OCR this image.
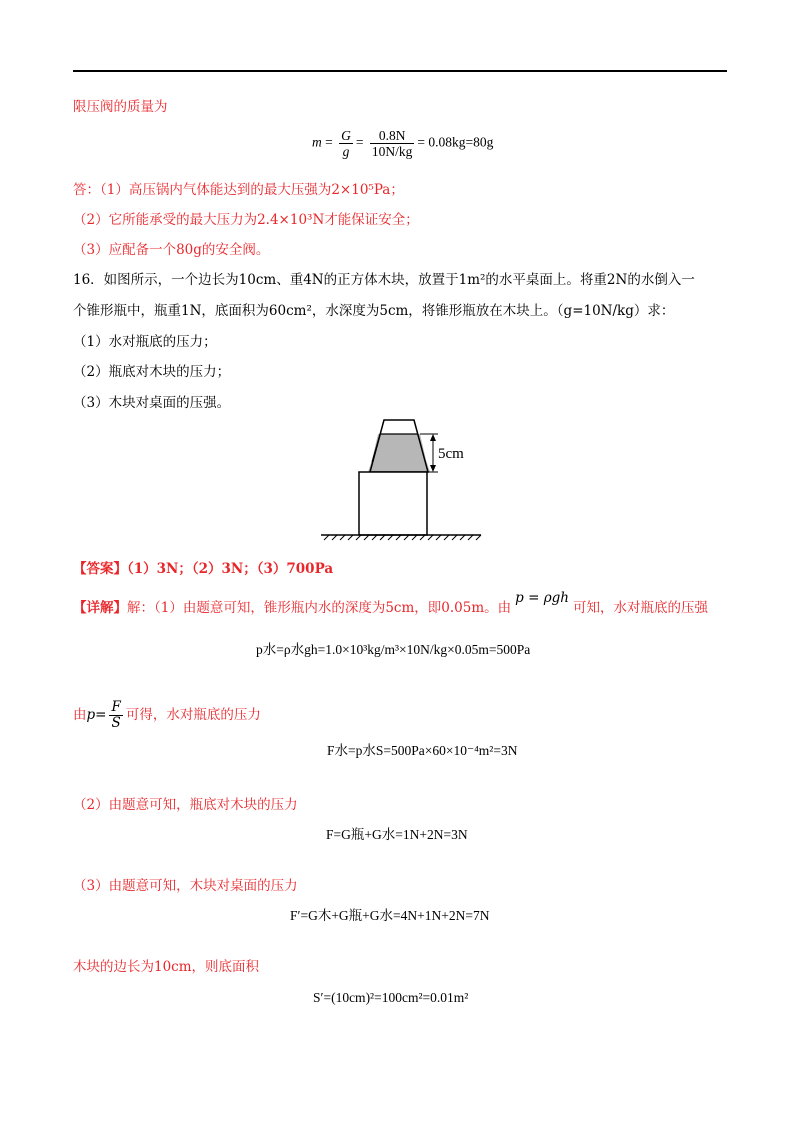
限压阀的质量为
$m = \frac{G}{g} = \frac{0.8N}{10N/kg} = 0.08kg=80g$
答：（1）高压锅内气体能达到的最大压强为2×10⁵Pa；
（2）它所能承受的最大压力为2.4×10³N才能保证安全；
（3）应配备一个80g的安全阀。
16．如图所示，一个边长为10cm、重4N的正方体木块，放置于1m²的水平桌面上。将重2N的水倒入一
个锥形瓶中，瓶重1N，底面积为60cm²，水深度为5cm，将锥形瓶放在木块上。（g=10N/kg）求：
（1）水对瓶底的压力；
（2）瓶底对木块的压力；
（3）木块对桌面的压强。
5cm
【答案】（1）3N；（2）3N；（3）700Pa
【详解】解：（1）由题意可知，锥形瓶内水的深度为5cm，即0.05m。由p = ρgh可知，水对瓶底的压强
p水=ρ水gh=1.0×10³kg/m³×10N/kg×0.05m=500Pa
由$p= \frac{F}{S}$ 可得，水对瓶底的压力
F水=p水S=500Pa×60×10⁻⁴m²=3N
（2）由题意可知，瓶底对木块的压力
F=G瓶+G水=1N+2N=3N
（3）由题意可知，木块对桌面的压力
F′=G木+G瓶+G水=4N+1N+2N=7N
木块的边长为10cm，则底面积
S′=(10cm)²=100cm²=0.01m²
